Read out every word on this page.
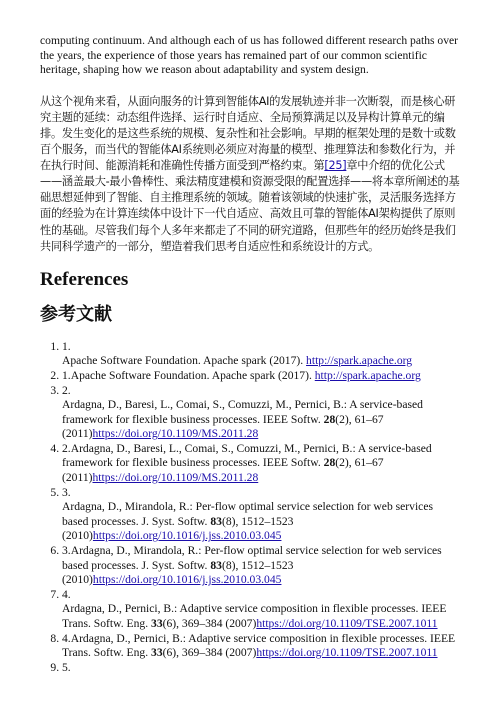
computing continuum. And although each of us has followed different research paths over the years, the experience of those years has remained part of our common scientific heritage, shaping how we reason about adaptability and system design.

从这个视角来看，从面向服务的计算到智能体AI的发展轨迹并非一次断裂，而是核心研究主题的延续：动态组件选择、运行时自适应、全局预算满足以及异构计算单元的编排。发生变化的是这些系统的规模、复杂性和社会影响。早期的框架处理的是数十或数百个服务，而当代的智能体AI系统则必须应对海量的模型、推理算法和参数化行为，并在执行时间、能源消耗和准确性传播方面受到严格约束。第[25]章中介绍的优化公式——涵盖最大-最小鲁棒性、乘法精度建模和资源受限的配置选择——将本章所阐述的基础思想延伸到了智能、自主推理系统的领域。随着该领域的快速扩张，灵活服务选择方面的经验为在计算连续体中设计下一代自适应、高效且可靠的智能体AI架构提供了原则性的基础。尽管我们每个人多年来都走了不同的研究道路，但那些年的经历始终是我们共同科学遗产的一部分，塑造着我们思考自适应性和系统设计的方式。

References
参考文献
1. 1.
Apache Software Foundation. Apache spark (2017). http://spark.apache.org
2. 1.Apache Software Foundation. Apache spark (2017). http://spark.apache.org
3. 2.
Ardagna, D., Baresi, L., Comai, S., Comuzzi, M., Pernici, B.: A service-based framework for flexible business processes. IEEE Softw. 28(2), 61–67 (2011)https://doi.org/10.1109/MS.2011.28
4. 2.Ardagna, D., Baresi, L., Comai, S., Comuzzi, M., Pernici, B.: A service-based framework for flexible business processes. IEEE Softw. 28(2), 61–67 (2011)https://doi.org/10.1109/MS.2011.28
5. 3.
Ardagna, D., Mirandola, R.: Per-flow optimal service selection for web services based processes. J. Syst. Softw. 83(8), 1512–1523 (2010)https://doi.org/10.1016/j.jss.2010.03.045
6. 3.Ardagna, D., Mirandola, R.: Per-flow optimal service selection for web services based processes. J. Syst. Softw. 83(8), 1512–1523 (2010)https://doi.org/10.1016/j.jss.2010.03.045
7. 4.
Ardagna, D., Pernici, B.: Adaptive service composition in flexible processes. IEEE Trans. Softw. Eng. 33(6), 369–384 (2007)https://doi.org/10.1109/TSE.2007.1011
8. 4.Ardagna, D., Pernici, B.: Adaptive service composition in flexible processes. IEEE Trans. Softw. Eng. 33(6), 369–384 (2007)https://doi.org/10.1109/TSE.2007.1011
9. 5.
